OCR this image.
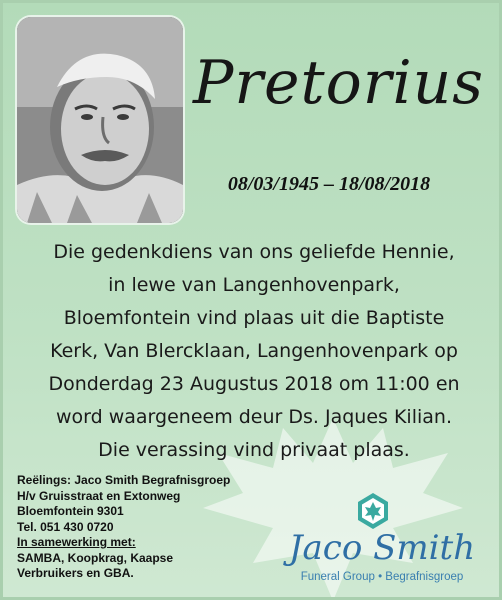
Pretorius
08/03/1945 – 18/08/2018
Die gedenkdiens van ons geliefde Hennie,
in lewe van Langenhovenpark,
Bloemfontein vind plaas uit die Baptiste
Kerk, Van Blercklaan, Langenhovenpark op
Donderdag 23 Augustus 2018 om 11:00 en
word waargeneem deur Ds. Jaques Kilian.
Die verassing vind privaat plaas.
Reëlings: Jaco Smith Begrafnisgroep
H/v Gruisstraat en Extonweg
Bloemfontein 9301
Tel. 051 430 0720
In samewerking met:
SAMBA, Koopkrag, Kaapse
Verbruikers en GBA.
Jaco Smith
Funeral Group • Begrafnisgroep
